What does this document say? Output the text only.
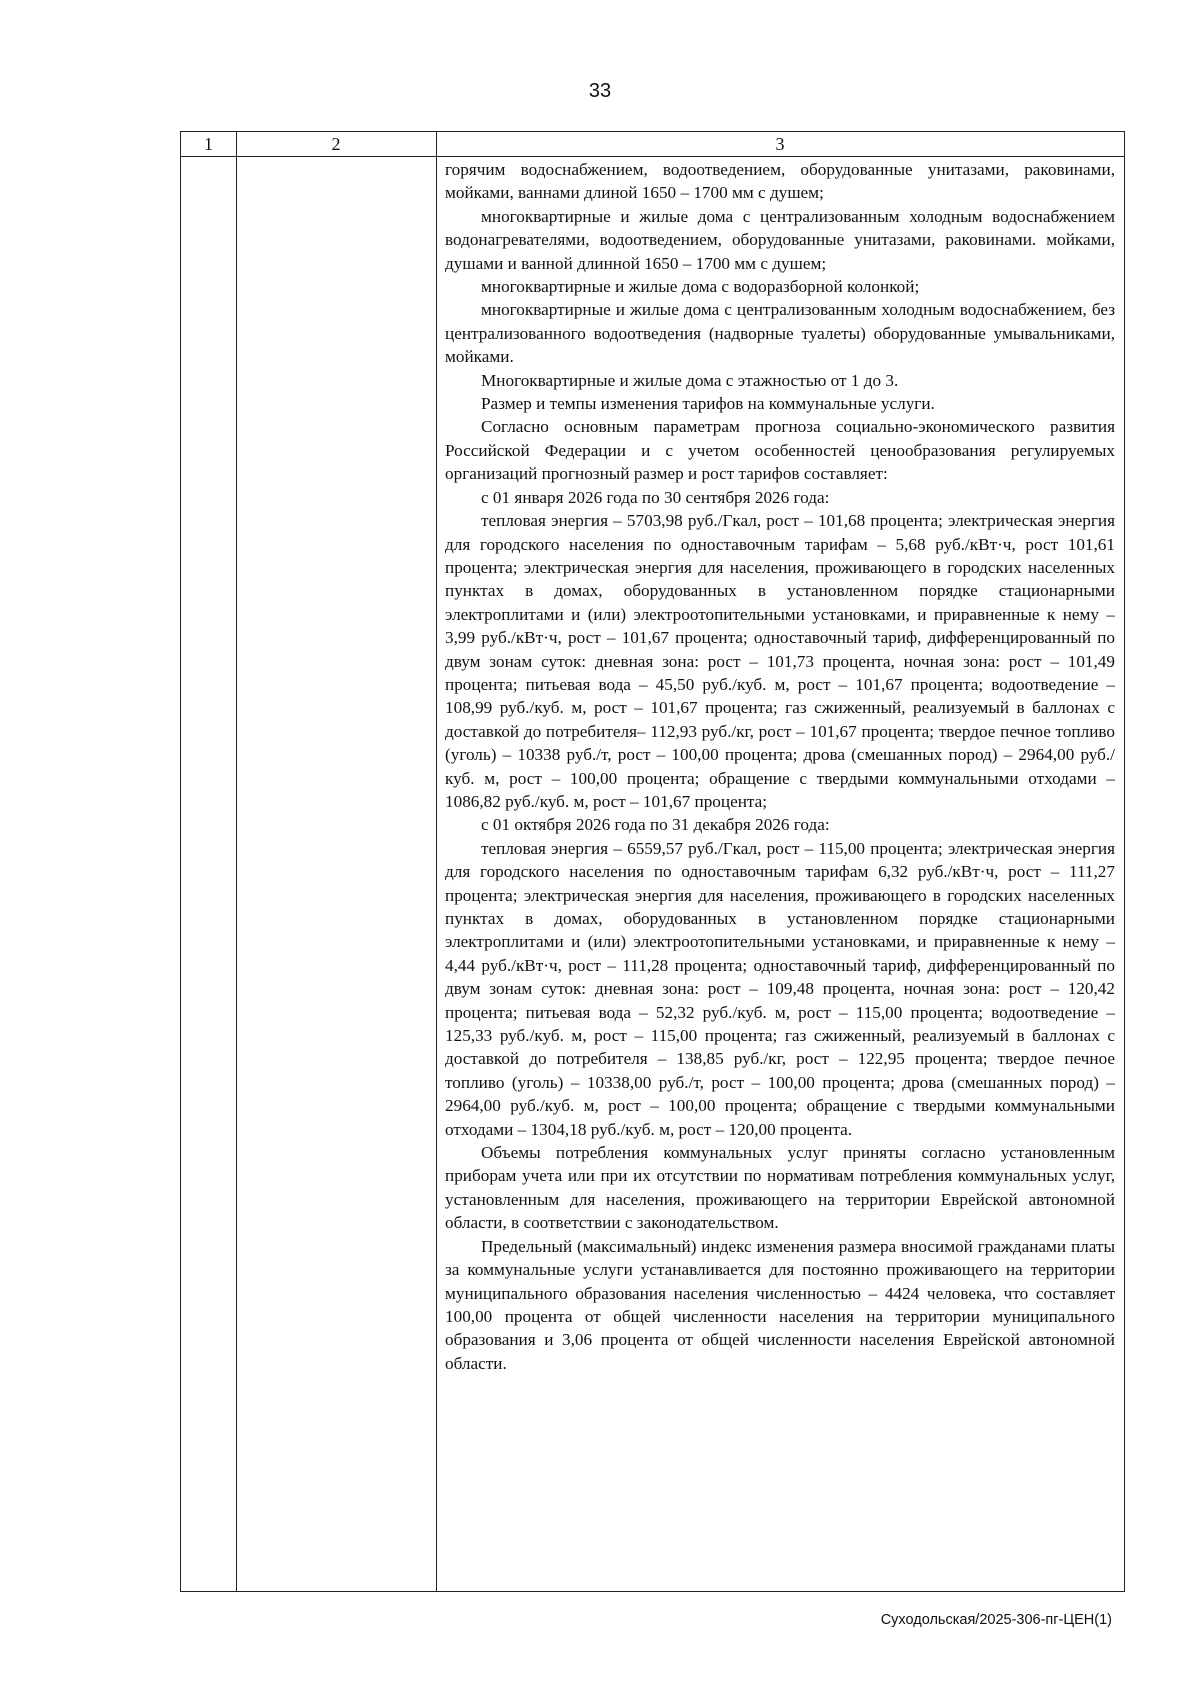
33
1	2	3

горячим водоснабжением, водоотведением, оборудованные унитазами, раковинами, мойками, ваннами длиной 1650 – 1700 мм с душем;

многоквартирные и жилые дома с централизованным холодным водоснабжением водонагревателями, водоотведением, оборудованные унитазами, раковинами. мойками, душами и ванной длинной 1650 – 1700 мм с душем;

многоквартирные и жилые дома с водоразборной колонкой;

многоквартирные и жилые дома с централизованным холодным водоснабжением, без централизованного водоотведения (надворные туалеты) оборудованные умывальниками, мойками.

Многоквартирные и жилые дома с этажностью от 1 до 3.

Размер и темпы изменения тарифов на коммунальные услуги.

Согласно основным параметрам прогноза социально-экономического развития Российской Федерации и с учетом особенностей ценообразования регулируемых организаций прогнозный размер и рост тарифов составляет:

с 01 января 2026 года по 30 сентября 2026 года:

тепловая энергия – 5703,98 руб./Гкал, рост – 101,68 процента; электрическая энергия для городского населения по одноставочным тарифам – 5,68 руб./кВт·ч, рост 101,61 процента; электрическая энергия для населения, проживающего в городских населенных пунктах в домах, оборудованных в установленном порядке стационарными электроплитами и (или) электроотопительными установками, и приравненные к нему – 3,99 руб./кВт·ч, рост – 101,67 процента; одноставочный тариф, дифференцированный по двум зонам суток: дневная зона: рост – 101,73 процента, ночная зона: рост – 101,49 процента; питьевая вода – 45,50 руб./куб. м, рост – 101,67 процента; водоотведение – 108,99 руб./куб. м, рост – 101,67 процента; газ сжиженный, реализуемый в баллонах с доставкой до потребителя– 112,93 руб./кг, рост – 101,67 процента; твердое печное топливо (уголь) – 10338 руб./т, рост – 100,00 процента; дрова (смешанных пород) – 2964,00 руб./куб. м, рост – 100,00 процента; обращение с твердыми коммунальными отходами – 1086,82 руб./куб. м, рост – 101,67 процента;

с 01 октября 2026 года по 31 декабря 2026 года:

тепловая энергия – 6559,57 руб./Гкал, рост – 115,00 процента; электрическая энергия для городского населения по одноставочным тарифам 6,32 руб./кВт·ч, рост – 111,27 процента; электрическая энергия для населения, проживающего в городских населенных пунктах в домах, оборудованных в установленном порядке стационарными электроплитами и (или) электроотопительными установками, и приравненные к нему – 4,44 руб./кВт·ч, рост – 111,28 процента; одноставочный тариф, дифференцированный по двум зонам суток: дневная зона: рост – 109,48 процента, ночная зона: рост – 120,42 процента; питьевая вода – 52,32 руб./куб. м, рост – 115,00 процента; водоотведение – 125,33 руб./куб. м, рост – 115,00 процента; газ сжиженный, реализуемый в баллонах с доставкой до потребителя – 138,85 руб./кг, рост – 122,95 процента; твердое печное топливо (уголь) – 10338,00 руб./т, рост – 100,00 процента; дрова (смешанных пород) – 2964,00 руб./куб. м, рост – 100,00 процента; обращение с твердыми коммунальными отходами – 1304,18 руб./куб. м, рост – 120,00 процента.

Объемы потребления коммунальных услуг приняты согласно установленным приборам учета или при их отсутствии по нормативам потребления коммунальных услуг, установленным для населения, проживающего на территории Еврейской автономной области, в соответствии с законодательством.

Предельный (максимальный) индекс изменения размера вносимой гражданами платы за коммунальные услуги устанавливается для постоянно проживающего на территории муниципального образования населения численностью – 4424 человека, что составляет 100,00 процента от общей численности населения на территории муниципального образования и 3,06 процента от общей численности населения Еврейской автономной области.

Суходольская/2025-306-пг-ЦЕН(1)
